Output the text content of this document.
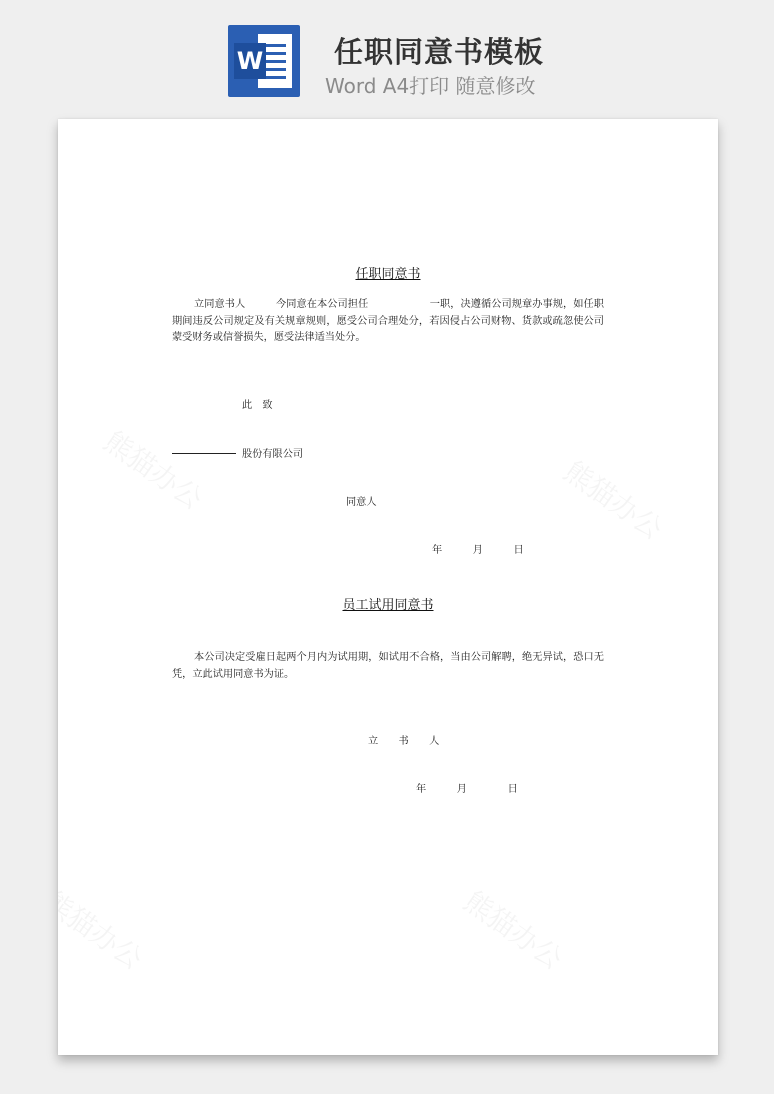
W 任职同意书模板
Word A4打印 随意修改
任职同意书

立同意书人　　　今同意在本公司担任　　　　　　一职，决遵循公司规章办事规，如任职期间违反公司规定及有关规章规则，愿受公司合理处分，若因侵占公司财物、货款或疏忽使公司蒙受财务或信誉损失，愿受法律适当处分。

此　致
股份有限公司
同意人
年　　　月　　　日
员工试用同意书

本公司决定受雇日起两个月内为试用期，如试用不合格，当由公司解聘，绝无异试，恐口无凭，立此试用同意书为证。

立　　书　　人
年　　　月　　　　日
